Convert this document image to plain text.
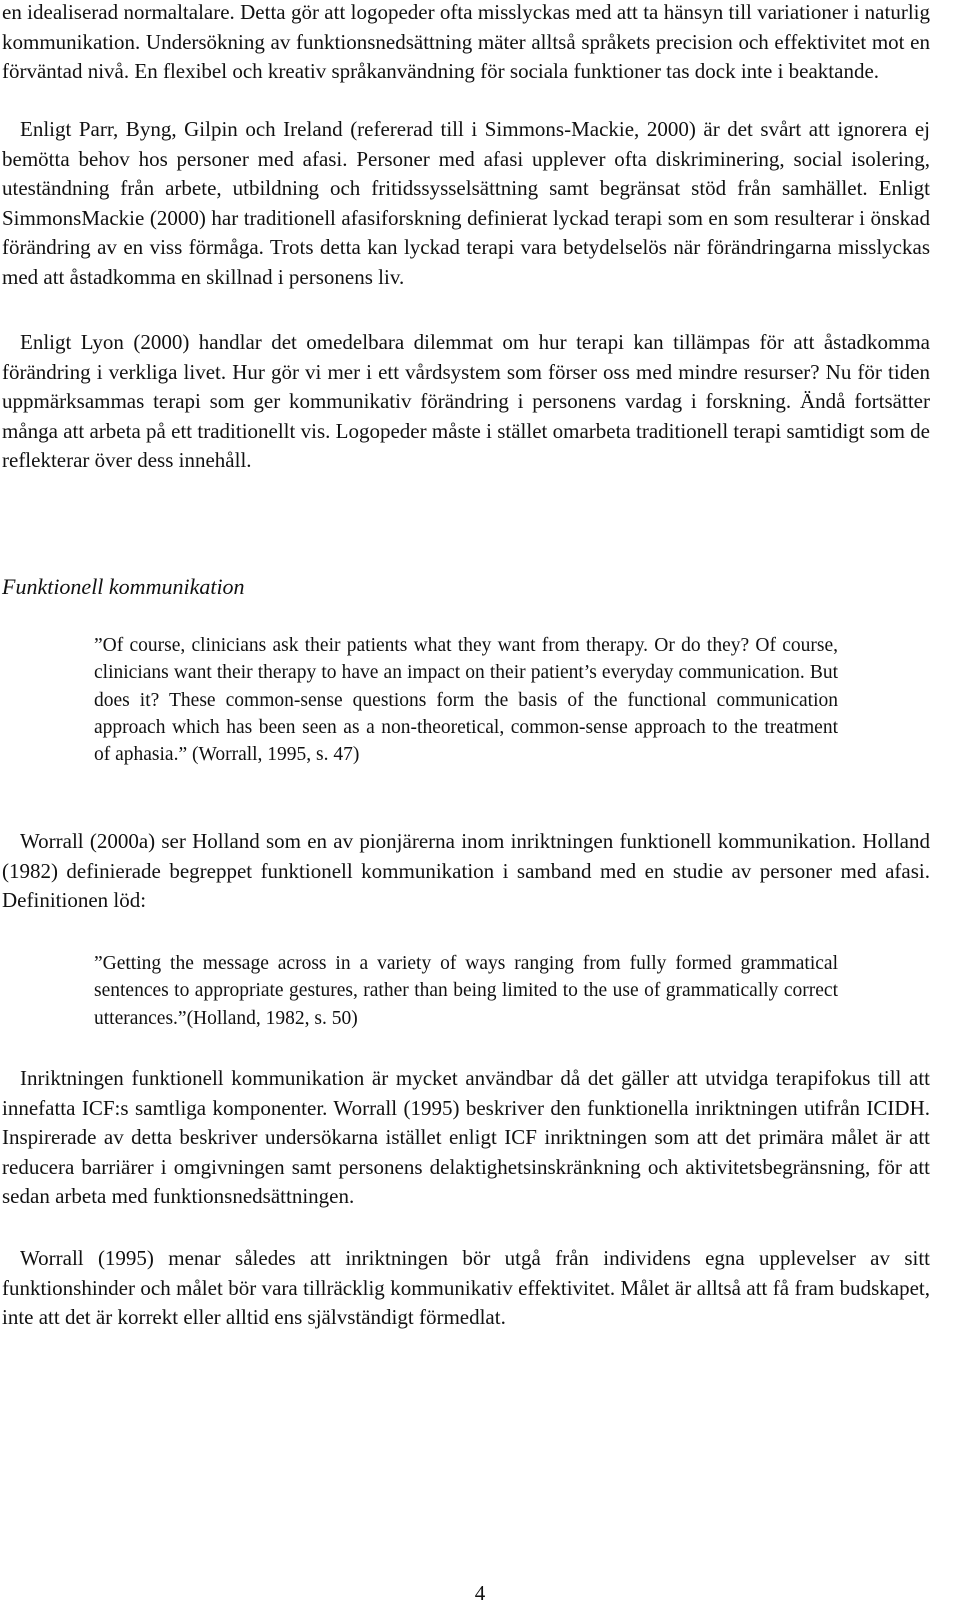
en idealiserad normaltalare. Detta gör att logopeder ofta misslyckas med att ta hänsyn till variationer i naturlig kommunikation. Undersökning av funktionsnedsättning mäter alltså språkets precision och effektivitet mot en förväntad nivå. En flexibel och kreativ språkanvändning för sociala funktioner tas dock inte i beaktande.

Enligt Parr, Byng, Gilpin och Ireland (refererad till i Simmons-Mackie, 2000) är det svårt att ignorera ej bemötta behov hos personer med afasi. Personer med afasi upplever ofta diskriminering, social isolering, uteständning från arbete, utbildning och fritidssysselsättning samt begränsat stöd från samhället. Enligt SimmonsMackie (2000) har traditionell afasiforskning definierat lyckad terapi som en som resulterar i önskad förändring av en viss förmåga. Trots detta kan lyckad terapi vara betydelselös när förändringarna misslyckas med att åstadkomma en skillnad i personens liv.

Enligt Lyon (2000) handlar det omedelbara dilemmat om hur terapi kan tillämpas för att åstadkomma förändring i verkliga livet. Hur gör vi mer i ett vårdsystem som förser oss med mindre resurser? Nu för tiden uppmärksammas terapi som ger kommunikativ förändring i personens vardag i forskning. Ändå fortsätter många att arbeta på ett traditionellt vis. Logopeder måste i stället omarbeta traditionell terapi samtidigt som de reflekterar över dess innehåll.

Funktionell kommunikation

”Of course, clinicians ask their patients what they want from therapy. Or do they? Of course, clinicians want their therapy to have an impact on their patient’s everyday communication. But does it? These common-sense questions form the basis of the functional communication approach which has been seen as a non-theoretical, common-sense approach to the treatment of aphasia.” (Worrall, 1995, s. 47)

Worrall (2000a) ser Holland som en av pionjärerna inom inriktningen funktionell kommunikation. Holland (1982) definierade begreppet funktionell kommunikation i samband med en studie av personer med afasi. Definitionen löd:

”Getting the message across in a variety of ways ranging from fully formed grammatical sentences to appropriate gestures, rather than being limited to the use of grammatically correct utterances.”(Holland, 1982, s. 50)

Inriktningen funktionell kommunikation är mycket användbar då det gäller att utvidga terapifokus till att innefatta ICF:s samtliga komponenter. Worrall (1995) beskriver den funktionella inriktningen utifrån ICIDH. Inspirerade av detta beskriver undersökarna istället enligt ICF inriktningen som att det primära målet är att reducera barriärer i omgivningen samt personens delaktighetsinskränkning och aktivitetsbegränsning, för att sedan arbeta med funktionsnedsättningen.

Worrall (1995) menar således att inriktningen bör utgå från individens egna upplevelser av sitt funktionshinder och målet bör vara tillräcklig kommunikativ effektivitet. Målet är alltså att få fram budskapet, inte att det är korrekt eller alltid ens självständigt förmedlat.

4
